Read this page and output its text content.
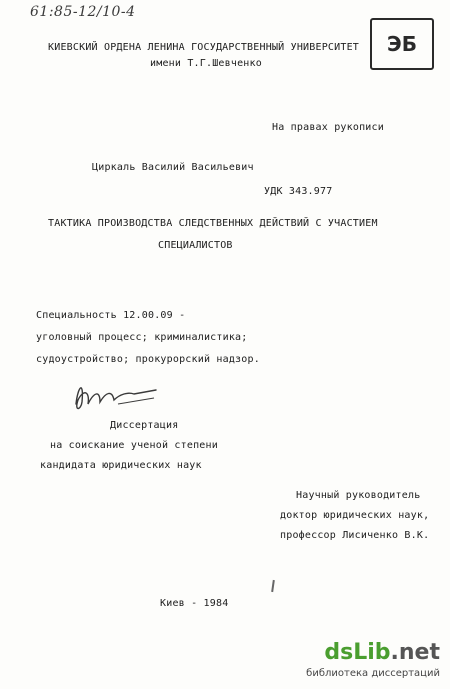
61:85-12/10-4
ЭБ
КИЕВСКИЙ ОРДЕНА ЛЕНИНА ГОСУДАРСТВЕННЫЙ УНИВЕРСИТЕТ
имени Т.Г.Шевченко
На правах рукописи
Циркаль Василий Васильевич
УДК 343.977
ТАКТИКА ПРОИЗВОДСТВА СЛЕДСТВЕННЫХ ДЕЙСТВИЙ С УЧАСТИЕМ
СПЕЦИАЛИСТОВ
Специальность 12.00.09 -
уголовный процесс; криминалистика;
судоустройство; прокурорский надзор.
Диссертация
на соискание ученой степени
кандидата юридических наук
Научный руководитель
доктор юридических наук,
профессор Лисиченко В.К.
Киев - 1984
dsLib.net
библиотека диссертаций
